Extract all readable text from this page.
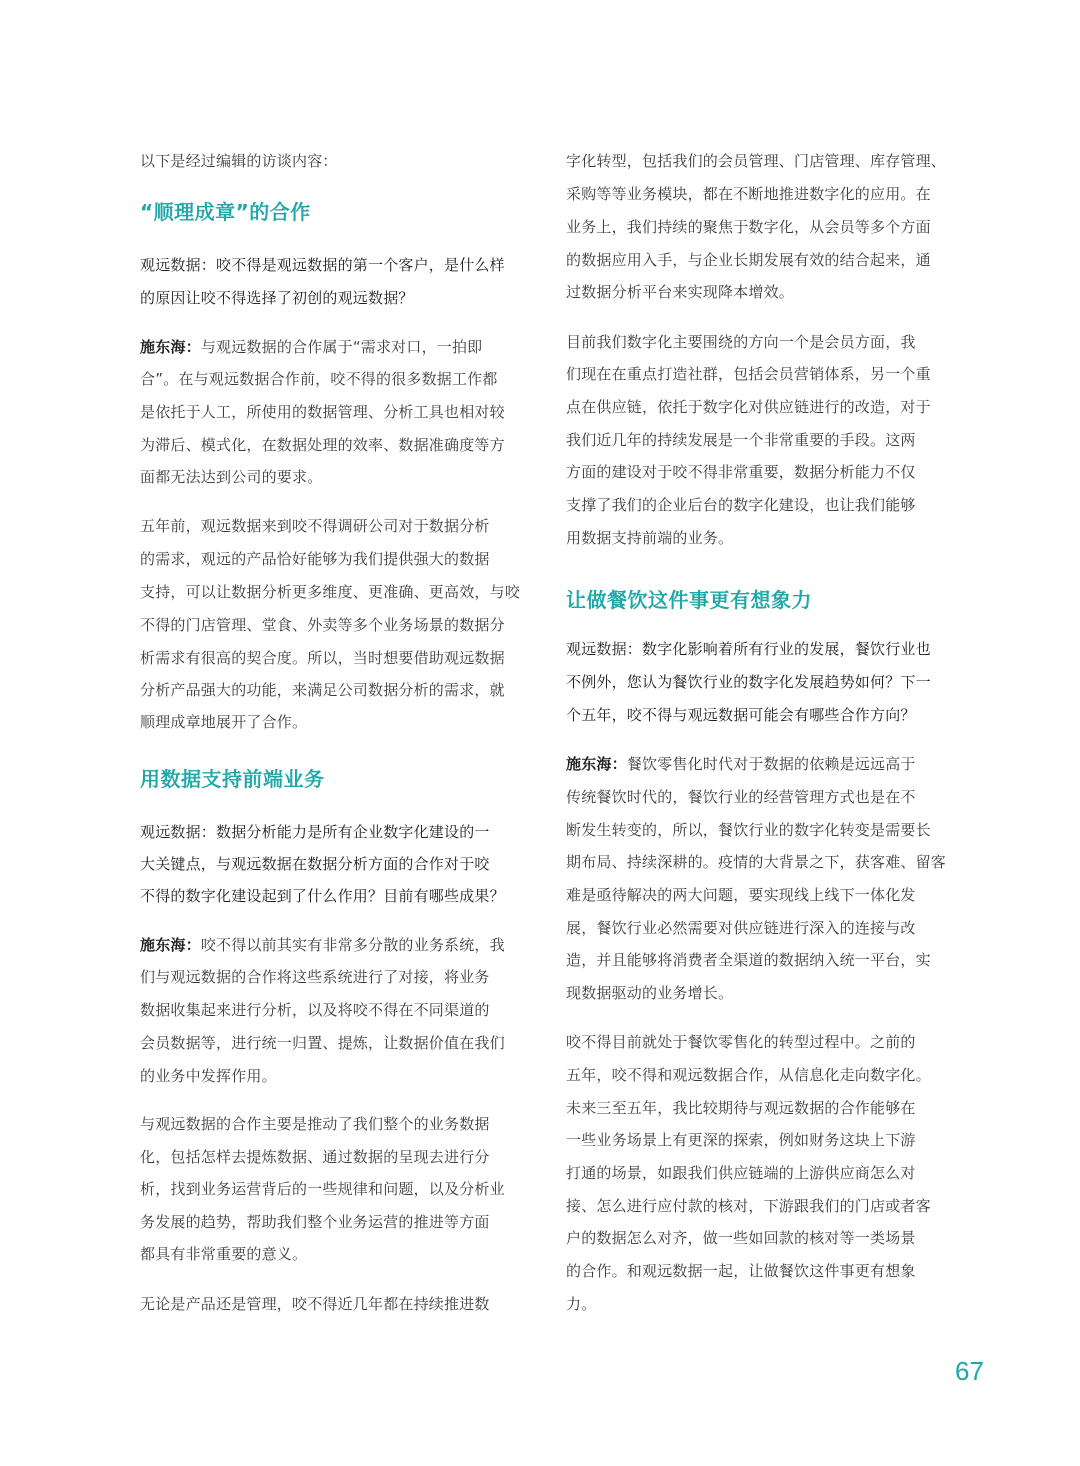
以下是经过编辑的访谈内容：
“顺理成章”的合作
观远数据：咬不得是观远数据的第一个客户，是什么样
的原因让咬不得选择了初创的观远数据？
施东海：与观远数据的合作属于“需求对口，一拍即
合”。在与观远数据合作前，咬不得的很多数据工作都
是依托于人工，所使用的数据管理、分析工具也相对较
为滞后、模式化，在数据处理的效率、数据准确度等方
面都无法达到公司的要求。
五年前，观远数据来到咬不得调研公司对于数据分析
的需求，观远的产品恰好能够为我们提供强大的数据
支持，可以让数据分析更多维度、更准确、更高效，与咬
不得的门店管理、堂食、外卖等多个业务场景的数据分
析需求有很高的契合度。所以，当时想要借助观远数据
分析产品强大的功能，来满足公司数据分析的需求，就
顺理成章地展开了合作。
用数据支持前端业务
观远数据：数据分析能力是所有企业数字化建设的一
大关键点，与观远数据在数据分析方面的合作对于咬
不得的数字化建设起到了什么作用？目前有哪些成果？
施东海：咬不得以前其实有非常多分散的业务系统，我
们与观远数据的合作将这些系统进行了对接，将业务
数据收集起来进行分析，以及将咬不得在不同渠道的
会员数据等，进行统一归置、提炼，让数据价值在我们
的业务中发挥作用。
与观远数据的合作主要是推动了我们整个的业务数据
化，包括怎样去提炼数据、通过数据的呈现去进行分
析，找到业务运营背后的一些规律和问题，以及分析业
务发展的趋势，帮助我们整个业务运营的推进等方面
都具有非常重要的意义。
无论是产品还是管理，咬不得近几年都在持续推进数
字化转型，包括我们的会员管理、门店管理、库存管理、
采购等等业务模块，都在不断地推进数字化的应用。在
业务上，我们持续的聚焦于数字化，从会员等多个方面
的数据应用入手，与企业长期发展有效的结合起来，通
过数据分析平台来实现降本增效。
目前我们数字化主要围绕的方向一个是会员方面，我
们现在在重点打造社群，包括会员营销体系，另一个重
点在供应链，依托于数字化对供应链进行的改造，对于
我们近几年的持续发展是一个非常重要的手段。这两
方面的建设对于咬不得非常重要，数据分析能力不仅
支撑了我们的企业后台的数字化建设，也让我们能够
用数据支持前端的业务。
让做餐饮这件事更有想象力
观远数据：数字化影响着所有行业的发展，餐饮行业也
不例外，您认为餐饮行业的数字化发展趋势如何？下一
个五年，咬不得与观远数据可能会有哪些合作方向？
施东海：餐饮零售化时代对于数据的依赖是远远高于
传统餐饮时代的，餐饮行业的经营管理方式也是在不
断发生转变的，所以，餐饮行业的数字化转变是需要长
期布局、持续深耕的。疫情的大背景之下，获客难、留客
难是亟待解决的两大问题，要实现线上线下一体化发
展，餐饮行业必然需要对供应链进行深入的连接与改
造，并且能够将消费者全渠道的数据纳入统一平台，实
现数据驱动的业务增长。
咬不得目前就处于餐饮零售化的转型过程中。之前的
五年，咬不得和观远数据合作，从信息化走向数字化。
未来三至五年，我比较期待与观远数据的合作能够在
一些业务场景上有更深的探索，例如财务这块上下游
打通的场景，如跟我们供应链端的上游供应商怎么对
接、怎么进行应付款的核对，下游跟我们的门店或者客
户的数据怎么对齐，做一些如回款的核对等一类场景
的合作。和观远数据一起，让做餐饮这件事更有想象
力。
67
